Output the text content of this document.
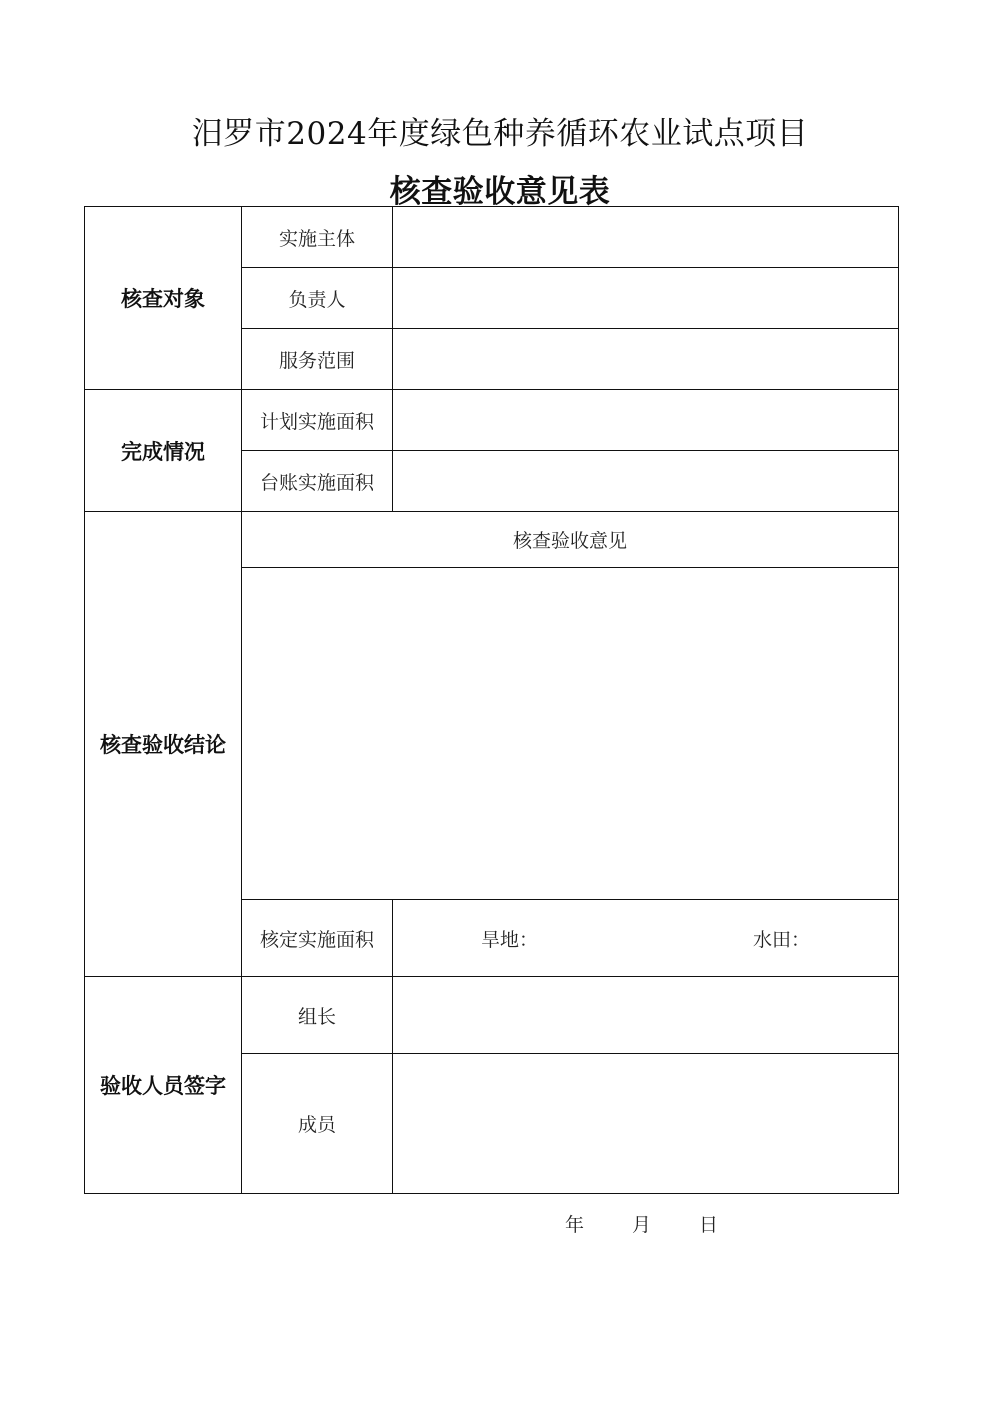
汨罗市2024年度绿色种养循环农业试点项目
核查验收意见表
核查对象	实施主体	
	负责人	
	服务范围	
完成情况	计划实施面积	
	台账实施面积	
核查验收结论	核查验收意见	

	核定实施面积	旱地： 水田：
验收人员签字	组长	
	成员	
年	月	日
